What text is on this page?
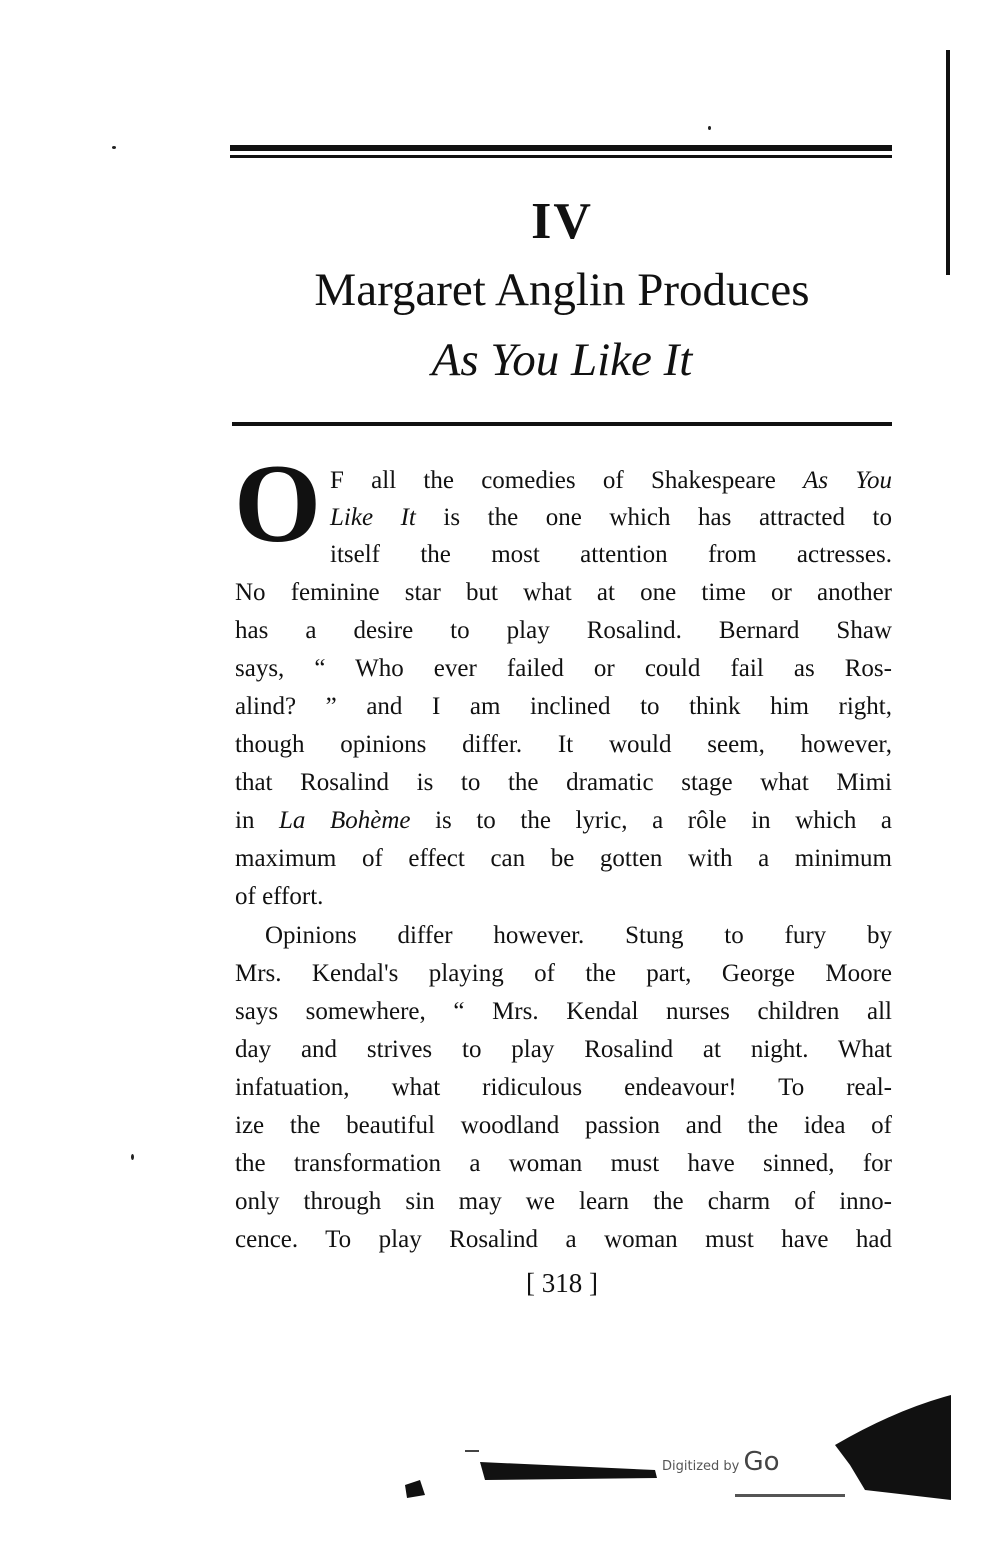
IV
Margaret Anglin Produces
As You Like It
O F all the comedies of Shakespeare As You
Like It is the one which has attracted to
itself the most attention from actresses.
No feminine star but what at one time or another
has a desire to play Rosalind. Bernard Shaw
says, “ Who ever failed or could fail as Ros-
alind? ” and I am inclined to think him right,
though opinions differ. It would seem, however,
that Rosalind is to the dramatic stage what Mimi
in La Bohème is to the lyric, a rôle in which a
maximum of effect can be gotten with a minimum
of effort.
Opinions differ however. Stung to fury by
Mrs. Kendal's playing of the part, George Moore
says somewhere, “ Mrs. Kendal nurses children all
day and strives to play Rosalind at night. What
infatuation, what ridiculous endeavour! To real-
ize the beautiful woodland passion and the idea of
the transformation a woman must have sinned, for
only through sin may we learn the charm of inno-
cence. To play Rosalind a woman must have had
[ 318 ]
Digitized by Go
